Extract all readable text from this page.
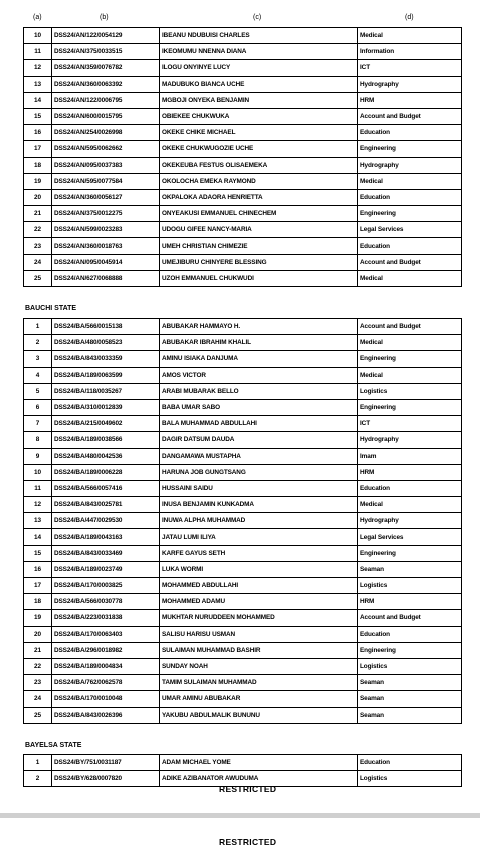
(a)	(b)	(c)	(d)
10	DSS24/AN/122/0054129	IBEANU NDUBUISI CHARLES	Medical
11	DSS24/AN/375/0033515	IKEOMUMU NNENNA DIANA	Information
12	DSS24/AN/359/0076782	ILOGU ONYINYE LUCY	ICT
13	DSS24/AN/360/0063392	MADUBUKO BIANCA UCHE	Hydrography
14	DSS24/AN/122/0006795	MGBOJI ONYEKA BENJAMIN	HRM
15	DSS24/AN/600/0015795	OBIEKEE CHUKWUKA	Account and Budget
16	DSS24/AN/254/0026998	OKEKE CHIKE MICHAEL	Education
17	DSS24/AN/595/0062662	OKEKE CHUKWUGOZIE UCHE	Engineering
18	DSS24/AN/095/0037383	OKEKEUBA FESTUS OLISAEMEKA	Hydrography
19	DSS24/AN/595/0077584	OKOLOCHA EMEKA RAYMOND	Medical
20	DSS24/AN/360/0056127	OKPALOKA ADAORA HENRIETTA	Education
21	DSS24/AN/375/0012275	ONYEAKUSI EMMANUEL CHINECHEM	Engineering
22	DSS24/AN/599/0023283	UDOGU GIFEE NANCY-MARIA	Legal Services
23	DSS24/AN/360/0018763	UMEH CHRISTIAN CHIMEZIE	Education
24	DSS24/AN/095/0045914	UMEJIBURU CHINYERE BLESSING	Account and Budget
25	DSS24/AN/627/0068888	UZOH EMMANUEL CHUKWUDI	Medical
BAUCHI STATE
1	DSS24/BA/566/0015138	ABUBAKAR HAMMAYO H.	Account and Budget
2	DSS24/BA/480/0058523	ABUBAKAR IBRAHIM KHALIL	Medical
3	DSS24/BA/843/0033359	AMINU ISIAKA DANJUMA	Engineering
4	DSS24/BA/189/0063599	AMOS VICTOR	Medical
5	DSS24/BA/118/0035267	ARABI MUBARAK BELLO	Logistics
6	DSS24/BA/310/0012839	BABA UMAR SABO	Engineering
7	DSS24/BA/215/0049602	BALA MUHAMMAD ABDULLAHI	ICT
8	DSS24/BA/189/0038566	DAGIR DATSUM DAUDA	Hydrography
9	DSS24/BA/480/0042536	DANGAMAWA MUSTAPHA	Imam
10	DSS24/BA/189/0006228	HARUNA JOB GUNGTSANG	HRM
11	DSS24/BA/566/0057416	HUSSAINI SAIDU	Education
12	DSS24/BA/843/0025781	INUSA BENJAMIN KUNKADMA	Medical
13	DSS24/BA/447/0029530	INUWA ALPHA MUHAMMAD	Hydrography
14	DSS24/BA/189/0043163	JATAU LUMI ILIYA	Legal Services
15	DSS24/BA/843/0033469	KARFE GAYUS SETH	Engineering
16	DSS24/BA/189/0023749	LUKA WORMI	Seaman
17	DSS24/BA/170/0003825	MOHAMMED ABDULLAHI	Logistics
18	DSS24/BA/566/0030778	MOHAMMED ADAMU	HRM
19	DSS24/BA/223/0031838	MUKHTAR NURUDDEEN MOHAMMED	Account and Budget
20	DSS24/BA/170/0063403	SALISU HARISU USMAN	Education
21	DSS24/BA/296/0018982	SULAIMAN MUHAMMAD BASHIR	Engineering
22	DSS24/BA/189/0004834	SUNDAY NOAH	Logistics
23	DSS24/BA/762/0062578	TAMIM SULAIMAN MUHAMMAD	Seaman
24	DSS24/BA/170/0010048	UMAR AMINU ABUBAKAR	Seaman
25	DSS24/BA/843/0026396	YAKUBU ABDULMALIK BUNUNU	Seaman
BAYELSA STATE
1	DSS24/BY/751/0031187	ADAM MICHAEL YOME	Education
2	DSS24/BY/628/0007820	ADIKE AZIBANATOR AWUDUMA	Logistics
RESTRICTED
RESTRICTED
